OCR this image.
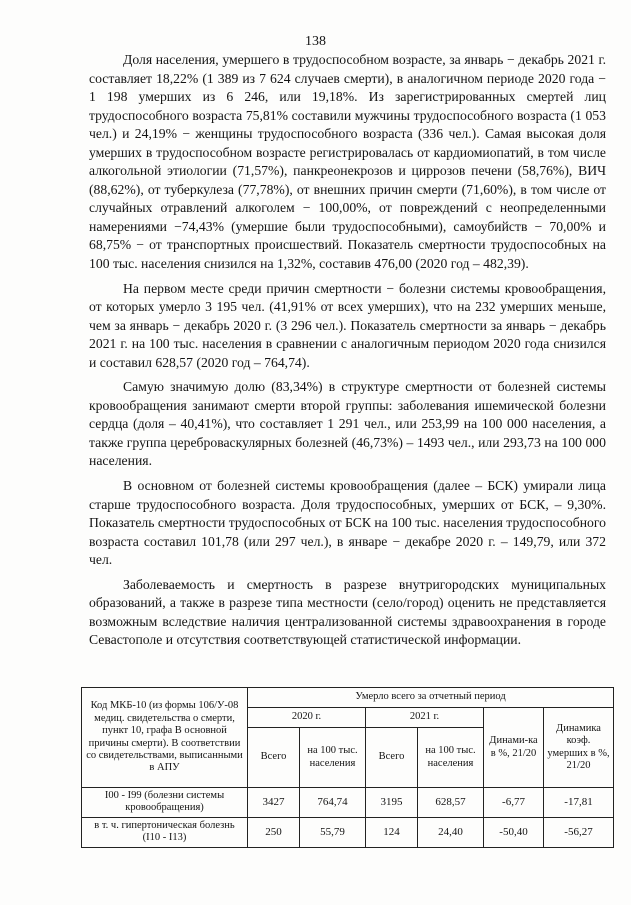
138

Доля населения, умершего в трудоспособном возрасте, за январь − декабрь 2021 г. составляет 18,22% (1 389 из 7 624 случаев смерти), в аналогичном периоде 2020 года − 1 198 умерших из 6 246, или 19,18%. Из зарегистрированных смертей лиц трудоспособного возраста 75,81% составили мужчины трудоспособного возраста (1 053 чел.) и 24,19% − женщины трудоспособного возраста (336 чел.). Самая высокая доля умерших в трудоспособном возрасте регистрировалась от кардиомиопатий, в том числе алкогольной этиологии (71,57%), панкреонекрозов и циррозов печени (58,76%), ВИЧ (88,62%), от туберкулеза (77,78%), от внешних причин смерти (71,60%), в том числе от случайных отравлений алкоголем − 100,00%, от повреждений с неопределенными намерениями −74,43% (умершие были трудоспособными), самоубийств − 70,00% и 68,75% − от транспортных происшествий. Показатель смертности трудоспособных на 100 тыс. населения снизился на 1,32%, составив 476,00 (2020 год – 482,39).

На первом месте среди причин смертности − болезни системы кровообращения, от которых умерло 3 195 чел. (41,91% от всех умерших), что на 232 умерших меньше, чем за январь − декабрь 2020 г. (3 296 чел.). Показатель смертности за январь − декабрь 2021 г. на 100 тыс. населения в сравнении с аналогичным периодом 2020 года снизился и составил 628,57 (2020 год – 764,74).

Самую значимую долю (83,34%) в структуре смертности от болезней системы кровообращения занимают смерти второй группы: заболевания ишемической болезни сердца (доля – 40,41%), что составляет 1 291 чел., или 253,99 на 100 000 населения, а также группа цереброваскулярных болезней (46,73%) – 1493 чел., или 293,73 на 100 000 населения.

В основном от болезней системы кровообращения (далее – БСК) умирали лица старше трудоспособного возраста. Доля трудоспособных, умерших от БСК, – 9,30%. Показатель смертности трудоспособных от БСК на 100 тыс. населения трудоспособного возраста составил 101,78 (или 297 чел.), в январе − декабре 2020 г. – 149,79, или 372 чел.

Заболеваемость и смертность в разрезе внутригородских муниципальных образований, а также в разрезе типа местности (село/город) оценить не представляется возможным вследствие наличия централизованной системы здравоохранения в городе Севастополе и отсутствия соответствующей статистической информации.

Код МКБ-10 (из формы 106/У-08 медиц. свидетельства о смерти, пункт 10, графа В основной причины смерти). В соответствии со свидетельствами, выписанными в АПУ	Умерло всего за отчетный период					
	2020 г.		2021 г.		Динами-ка в %, 21/20	Динамика коэф. умерших в %, 21/20
	Всего	на 100 тыс. населения	Всего	на 100 тыс. населения		
I00 - I99 (болезни системы кровообращения)	3427	764,74	3195	628,57	-6,77	-17,81
в т. ч. гипертоническая болезнь (I10 - I13)	250	55,79	124	24,40	-50,40	-56,27
